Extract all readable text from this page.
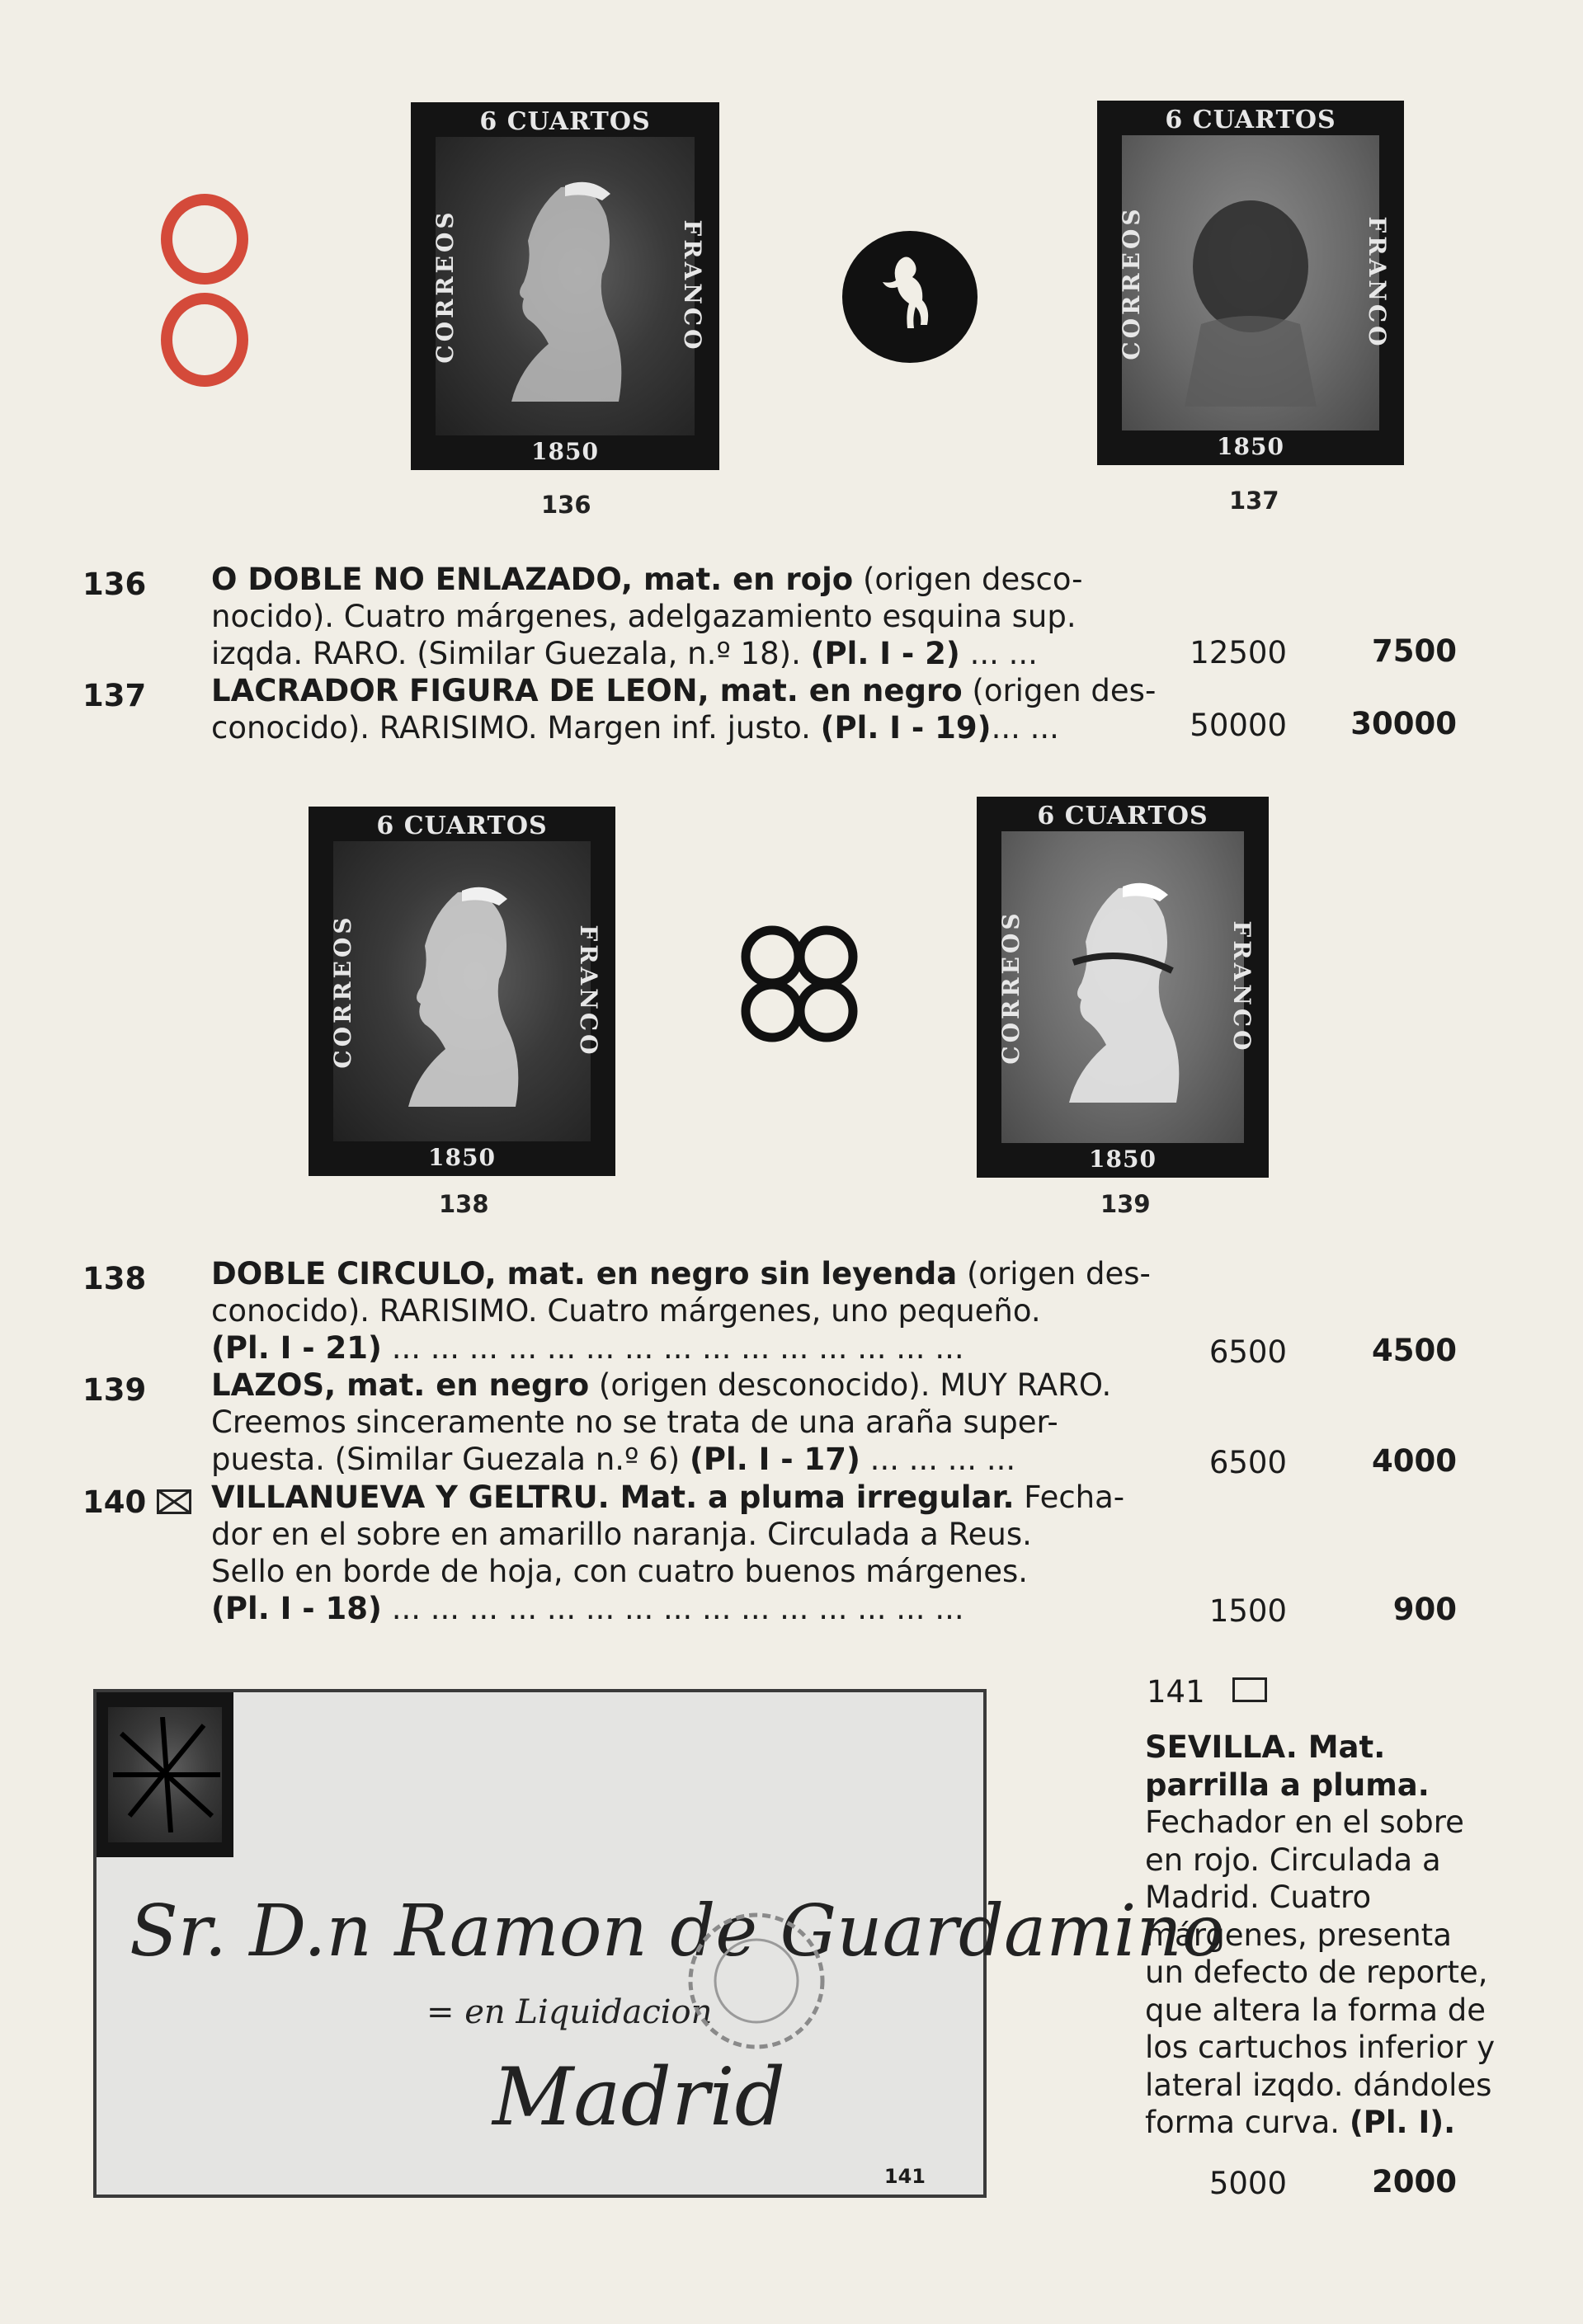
6 CUARTOS
CORREOS	FRANCO
1850
136
6 CUARTOS
CORREOS	FRANCO
1850
137
136 O DOBLE NO ENLAZADO, mat. en rojo (origen desco-
nocido). Cuatro márgenes, adelgazamiento esquina sup.
izqda. RARO. (Similar Guezala, n.º 18). (Pl. I - 2) ... ...	12500	7500
137 LACRADOR FIGURA DE LEON, mat. en negro (origen des-
conocido). RARISIMO. Margen inf. justo. (Pl. I - 19)... ...	50000	30000
6 CUARTOS
CORREOS	FRANCO
1850
138
6 CUARTOS
CORREOS	FRANCO
1850
139
138 DOBLE CIRCULO, mat. en negro sin leyenda (origen des-
conocido). RARISIMO. Cuatro márgenes, uno pequeño.
(Pl. I - 21) ... ... ... ... ... ... ... ... ... ... ... ... ... ... ...	6500	4500
139 LAZOS, mat. en negro (origen desconocido). MUY RARO.
Creemos sinceramente no se trata de una araña super-
puesta. (Similar Guezala n.º 6) (Pl. I - 17) ... ... ... ...	6500	4000
140 VILLANUEVA Y GELTRU. Mat. a pluma irregular. Fecha-
dor en el sobre en amarillo naranja. Circulada a Reus.
Sello en borde de hoja, con cuatro buenos márgenes.
(Pl. I - 18) ... ... ... ... ... ... ... ... ... ... ... ... ... ... ...	1500	900
Sr. D.n Ramon de Guardamino
= en Liquidacion
Madrid
141
141
SEVILLA. Mat. parrilla a pluma. Fechador en el sobre en rojo. Circulada a Madrid. Cuatro márgenes, presenta un defecto de reporte, que altera la forma de los cartuchos inferior y lateral izqdo. dándoles forma curva. (Pl. I).
5000	2000
